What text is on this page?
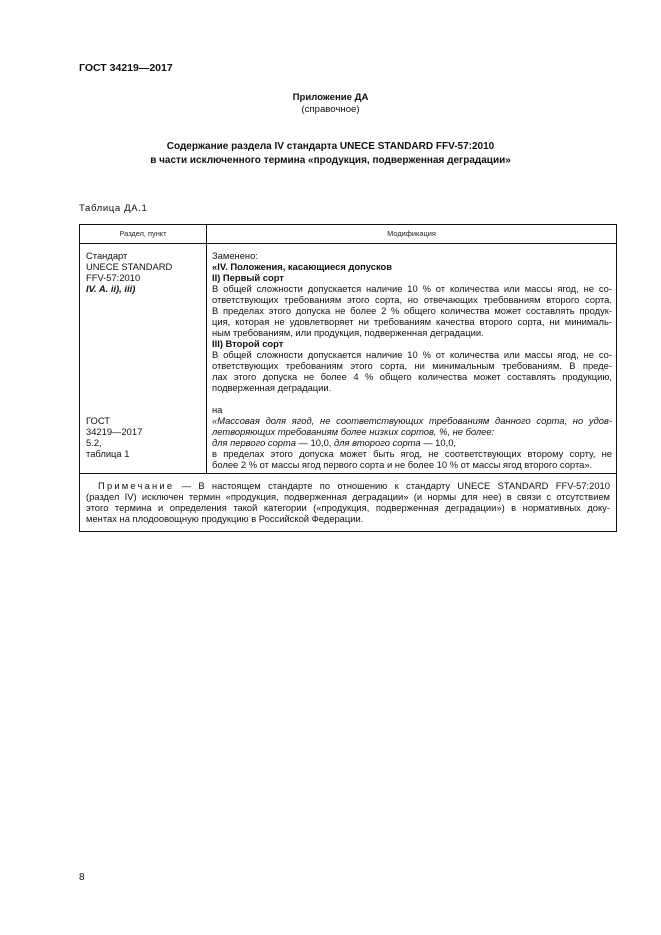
ГОСТ 34219—2017
Приложение ДА
(справочное)
Содержание раздела IV стандарта UNECE STANDARD FFV-57:2010
в части исключенного термина «продукция, подверженная деградации»
Таблица ДА.1
Раздел, пункт	Модификация
Стандарт
UNECE STANDARD
FFV-57:2010
IV. A. ii), iii)
Заменено:
«IV. Положения, касающиеся допусков
II) Первый сорт
В общей сложности допускается наличие 10 % от количества или массы ягод, не со-
ответствующих требованиям этого сорта, но отвечающих требованиям второго сорта.
В пределах этого допуска не более 2 % общего количества может составлять продук-
ция, которая не удовлетворяет ни требованиям качества второго сорта, ни минималь-
ным требованиям, или продукция, подверженная деградации.
III) Второй сорт
В общей сложности допускается наличие 10 % от количества или массы ягод, не со-
ответствующих требованиям этого сорта, ни минимальным требованиям. В преде-
лах этого допуска не более 4 % общего количества может составлять продукцию,
подверженная деградации.
ГОСТ
34219—2017
5.2,
таблица 1
на
«Массовая доля ягод, не соответствующих требованиям данного сорта, но удов-
летворяющих требованиям более низких сортов, %, не более:
для первого сорта — 10,0, для второго сорта — 10,0,
в пределах этого допуска может быть ягод, не соответствующих второму сорту, не
более 2 % от массы ягод первого сорта и не более 10 % от массы ягод второго сорта».
Примечание — В настоящем стандарте по отношению к стандарту UNECE STANDARD FFV-57:2010
(раздел IV) исключен термин «продукция, подверженная деградации» (и нормы для нее) в связи с отсутствием
этого термина и определения такой категории («продукция, подверженная деградации») в нормативных доку-
ментах на плодоовощную продукцию в Российской Федерации.
8
